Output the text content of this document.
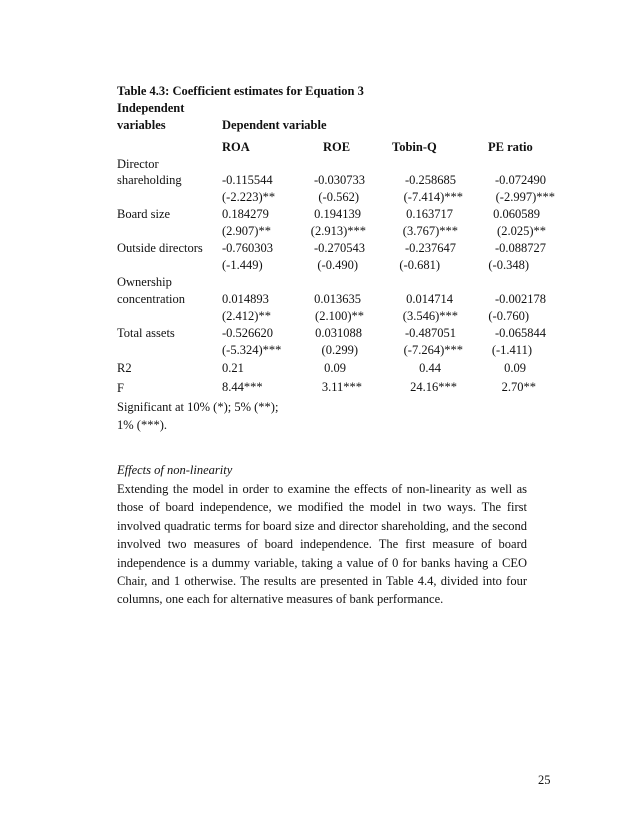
Table 4.3: Coefficient estimates for Equation 3
Independent
variables	Dependent variable
ROA	ROE	Tobin-Q	PE ratio
Director
shareholding	-0.115544	-0.030733	-0.258685	-0.072490
(-2.223)**	(-0.562)	(-7.414)***	(-2.997)***
Board size	0.184279	0.194139	0.163717	0.060589
(2.907)**	(2.913)***	(3.767)***	(2.025)**
Outside directors -0.760303	-0.270543	-0.237647	-0.088727
(-1.449)	(-0.490)	(-0.681)	(-0.348)
Ownership
concentration	0.014893	0.013635	0.014714	-0.002178
(2.412)**	(2.100)**	(3.546)***	(-0.760)
Total assets	-0.526620	0.031088	-0.487051	-0.065844
(-5.324)***	(0.299)	(-7.264)***	(-1.411)
R2	0.21	0.09	0.44	0.09
F	8.44***	3.11***	24.16***	2.70**
Significant at 10% (*); 5% (**);
1% (***).
Effects of non-linearity
Extending the model in order to examine the effects of non-linearity as well as those of board independence, we modified the model in two ways. The first involved quadratic terms for board size and director shareholding, and the second involved two measures of board independence. The first measure of board independence is a dummy variable, taking a value of 0 for banks having a CEO Chair, and 1 otherwise. The results are presented in Table 4.4, divided into four columns, one each for alternative measures of bank performance.
25
